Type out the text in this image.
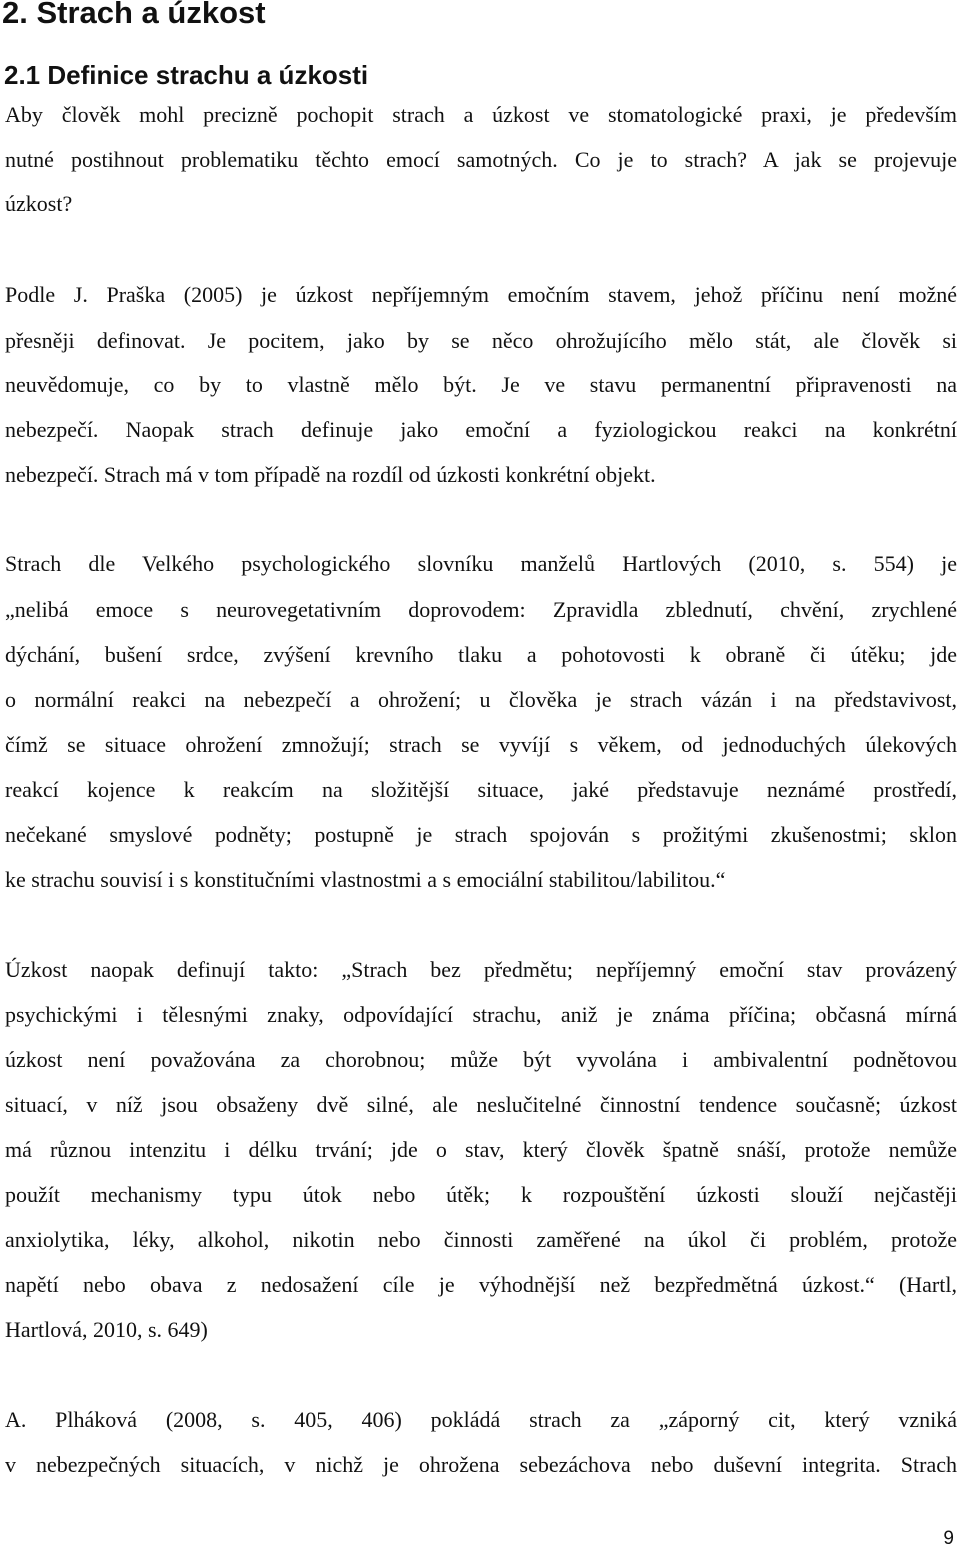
2. Strach a úzkost
2.1 Definice strachu a úzkosti

Aby člověk mohl precizně pochopit strach a úzkost ve stomatologické praxi, je především

nutné postihnout problematiku těchto emocí samotných. Co je to strach? A jak se projevuje

úzkost?

Podle J. Praška (2005) je úzkost nepříjemným emočním stavem, jehož příčinu není možné

přesněji definovat. Je pocitem, jako by se něco ohrožujícího mělo stát, ale člověk si

neuvědomuje, co by to vlastně mělo být. Je ve stavu permanentní připravenosti na

nebezpečí. Naopak strach definuje jako emoční a fyziologickou reakci na konkrétní

nebezpečí. Strach má v tom případě na rozdíl od úzkosti konkrétní objekt.

Strach dle Velkého psychologického slovníku manželů Hartlových (2010, s. 554) je

„nelibá emoce s neurovegetativním doprovodem: Zpravidla zblednutí, chvění, zrychlené

dýchání, bušení srdce, zvýšení krevního tlaku a pohotovosti k obraně či útěku; jde

o normální reakci na nebezpečí a ohrožení; u člověka je strach vázán i na představivost,

čímž se situace ohrožení zmnožují; strach se vyvíjí s věkem, od jednoduchých úlekových

reakcí kojence k reakcím na složitější situace, jaké představuje neznámé prostředí,

nečekané smyslové podněty; postupně je strach spojován s prožitými zkušenostmi; sklon

ke strachu souvisí i s konstitučními vlastnostmi a s emociální stabilitou/labilitou.“

Úzkost naopak definují takto: „Strach bez předmětu; nepříjemný emoční stav provázený

psychickými i tělesnými znaky, odpovídající strachu, aniž je známa příčina; občasná mírná

úzkost není považována za chorobnou; může být vyvolána i ambivalentní podnětovou

situací, v níž jsou obsaženy dvě silné, ale neslučitelné činnostní tendence současně; úzkost

má různou intenzitu i délku trvání; jde o stav, který člověk špatně snáší, protože nemůže

použít mechanismy typu útok nebo útěk; k rozpouštění úzkosti slouží nejčastěji

anxiolytika, léky, alkohol, nikotin nebo činnosti zaměřené na úkol či problém, protože

napětí nebo obava z nedosažení cíle je výhodnější než bezpředmětná úzkost.“ (Hartl,

Hartlová, 2010, s. 649)

A. Plháková (2008, s. 405, 406) pokládá strach za „záporný cit, který vzniká

v nebezpečných situacích, v nichž je ohrožena sebezáchova nebo duševní integrita. Strach

9
